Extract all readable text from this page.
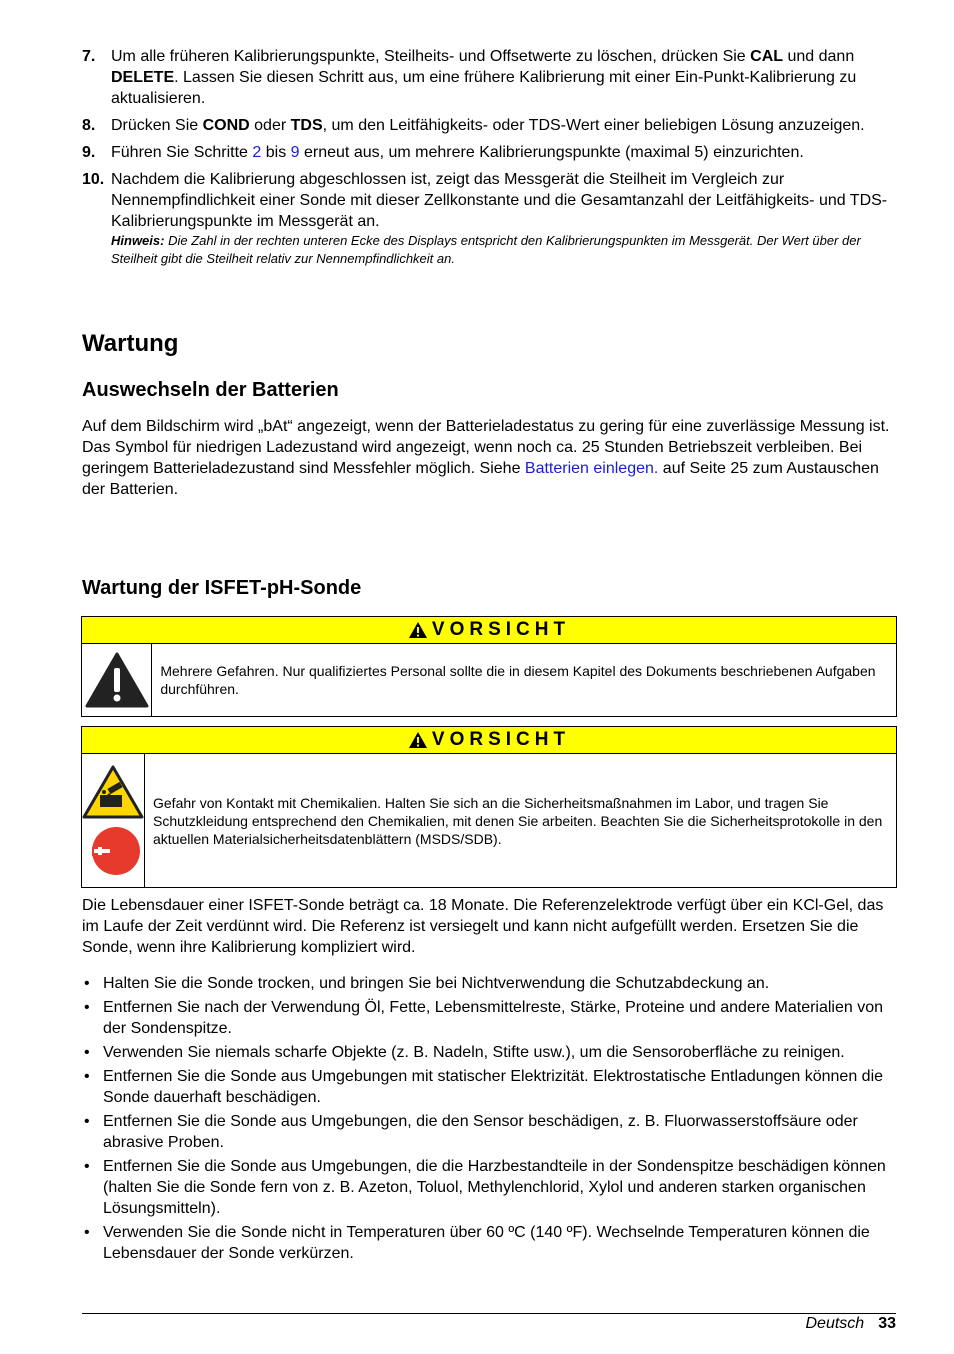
7. Um alle früheren Kalibrierungspunkte, Steilheits- und Offsetwerte zu löschen, drücken Sie CAL und dann DELETE. Lassen Sie diesen Schritt aus, um eine frühere Kalibrierung mit einer Ein-Punkt-Kalibrierung zu aktualisieren.
8. Drücken Sie COND oder TDS, um den Leitfähigkeits- oder TDS-Wert einer beliebigen Lösung anzuzeigen.
9. Führen Sie Schritte 2 bis 9 erneut aus, um mehrere Kalibrierungspunkte (maximal 5) einzurichten.
10. Nachdem die Kalibrierung abgeschlossen ist, zeigt das Messgerät die Steilheit im Vergleich zur Nennempfindlichkeit einer Sonde mit dieser Zellkonstante und die Gesamtanzahl der Leitfähigkeits- und TDS-Kalibrierungspunkte im Messgerät an.
Hinweis: Die Zahl in der rechten unteren Ecke des Displays entspricht den Kalibrierungspunkten im Messgerät. Der Wert über der Steilheit gibt die Steilheit relativ zur Nennempfindlichkeit an.
Wartung
Auswechseln der Batterien
Auf dem Bildschirm wird „bAt“ angezeigt, wenn der Batterieladestatus zu gering für eine zuverlässige Messung ist. Das Symbol für niedrigen Ladezustand wird angezeigt, wenn noch ca. 25 Stunden Betriebszeit verbleiben. Bei geringem Batterieladezustand sind Messfehler möglich. Siehe Batterien einlegen. auf Seite 25 zum Austauschen der Batterien.
Wartung der ISFET-pH-Sonde
VORSICHT
Mehrere Gefahren. Nur qualifiziertes Personal sollte die in diesem Kapitel des Dokuments beschriebenen Aufgaben durchführen.
VORSICHT
Gefahr von Kontakt mit Chemikalien. Halten Sie sich an die Sicherheitsmaßnahmen im Labor, und tragen Sie Schutzkleidung entsprechend den Chemikalien, mit denen Sie arbeiten. Beachten Sie die Sicherheitsprotokolle in den aktuellen Materialsicherheitsdatenblättern (MSDS/SDB).
Die Lebensdauer einer ISFET-Sonde beträgt ca. 18 Monate. Die Referenzelektrode verfügt über ein KCl-Gel, das im Laufe der Zeit verdünnt wird. Die Referenz ist versiegelt und kann nicht aufgefüllt werden. Ersetzen Sie die Sonde, wenn ihre Kalibrierung kompliziert wird.
• Halten Sie die Sonde trocken, und bringen Sie bei Nichtverwendung die Schutzabdeckung an.
• Entfernen Sie nach der Verwendung Öl, Fette, Lebensmittelreste, Stärke, Proteine und andere Materialien von der Sondenspitze.
• Verwenden Sie niemals scharfe Objekte (z. B. Nadeln, Stifte usw.), um die Sensoroberfläche zu reinigen.
• Entfernen Sie die Sonde aus Umgebungen mit statischer Elektrizität. Elektrostatische Entladungen können die Sonde dauerhaft beschädigen.
• Entfernen Sie die Sonde aus Umgebungen, die den Sensor beschädigen, z. B. Fluorwasserstoffsäure oder abrasive Proben.
• Entfernen Sie die Sonde aus Umgebungen, die die Harzbestandteile in der Sondenspitze beschädigen können (halten Sie die Sonde fern von z. B. Azeton, Toluol, Methylenchlorid, Xylol und anderen starken organischen Lösungsmitteln).
• Verwenden Sie die Sonde nicht in Temperaturen über 60 ºC (140 ºF). Wechselnde Temperaturen können die Lebensdauer der Sonde verkürzen.
Deutsch 33
